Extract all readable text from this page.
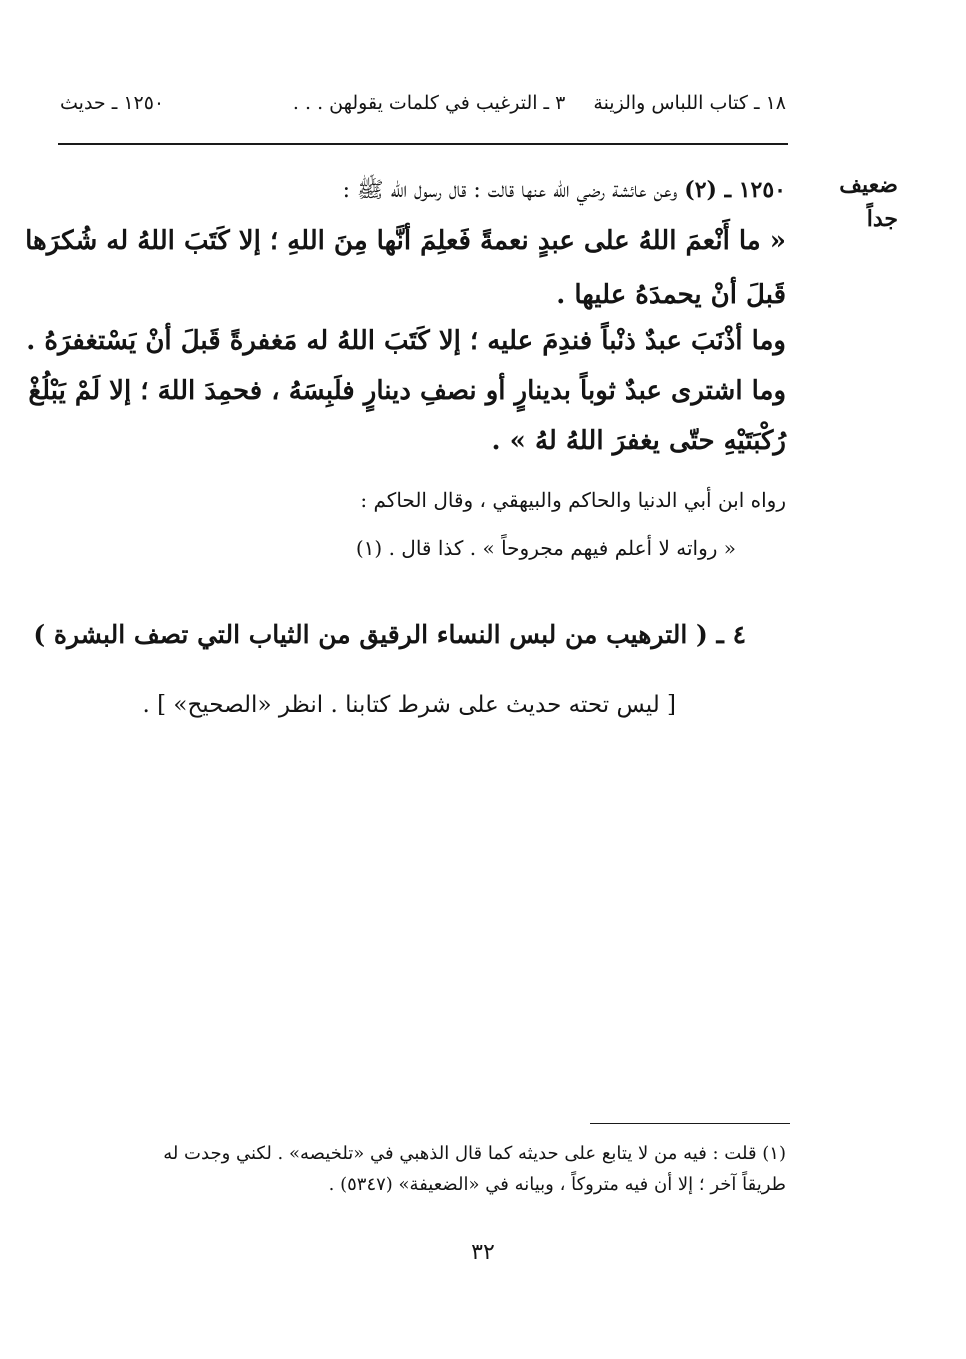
١٨ ـ كتاب اللباس والزينة٣ ـ الترغيب في كلمات يقولهن . . .
١٢٥٠ ـ حديث
ضعيف
جداً
١٢٥٠ ـ (٢) وعن عائشة رضي الله عنها قالت : قال رسول الله ﷺ :
« ما أَنْعمَ اللهُ على عبدٍ نعمةً فَعلِمَ أنَّها مِنَ اللهِ ؛ إلا كَتَبَ اللهُ له شُكرَها
قَبلَ أنْ يحمدَهُ عليها .
وما أذْنَبَ عبدٌ ذنْباً فندِمَ عليه ؛ إلا كَتَبَ اللهُ له مَغفرةً قَبلَ أنْ يَسْتغفرَهُ .
وما اشترى عبدٌ ثوباً بدينارٍ أو نصفِ دينارٍ فلَبِسَهُ ، فحمِدَ اللهَ ؛ إلا لَمْ يَبْلُغْ
رُكْبَتَيْهِ حتّى يغفرَ اللهُ لهُ » .
رواه ابن أبي الدنيا والحاكم والبيهقي ، وقال الحاكم :
« رواته لا أعلم فيهم مجروحاً » . كذا قال . (١)
٤ ـ ( الترهيب من لبس النساء الرقيق من الثياب التي تصف البشرة )
[ ليس تحته حديث على شرط كتابنا . انظر «الصحيح» ] .
(١) قلت : فيه من لا يتابع على حديثه كما قال الذهبي في «تلخيصه» . لكني وجدت له
طريقاً آخر ؛ إلا أن فيه متروكاً ، وبيانه في «الضعيفة» (٥٣٤٧) .
٣٢
